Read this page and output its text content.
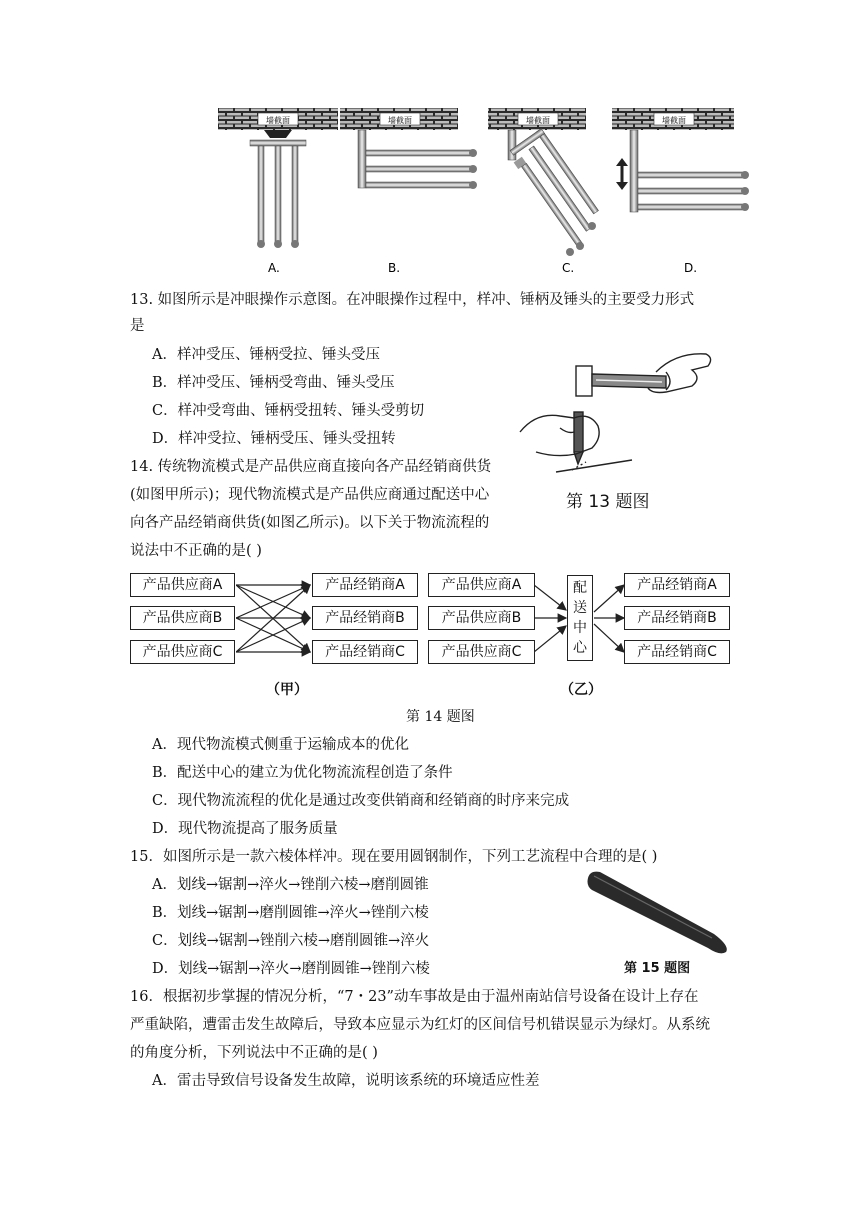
墙截面
A.
墙截面
B.
墙截面
C.
墙截面
D.
13. 如图所示是冲眼操作示意图。在冲眼操作过程中，样冲、锤柄及锤头的主要受力形式
是
A．样冲受压、锤柄受拉、锤头受压
B．样冲受压、锤柄受弯曲、锤头受压
C．样冲受弯曲、锤柄受扭转、锤头受剪切
D．样冲受拉、锤柄受压、锤头受扭转
第 13 题图
14. 传统物流模式是产品供应商直接向各产品经销商供货
(如图甲所示)；现代物流模式是产品供应商通过配送中心
向各产品经销商供货(如图乙所示)。以下关于物流流程的
说法中不正确的是( )
产品供应商A
产品供应商B
产品供应商C
产品经销商A
产品经销商B
产品经销商C
（甲）
产品供应商A
产品供应商B
产品供应商C
配
送
中
心
产品经销商A
产品经销商B
产品经销商C
（乙）
第 14 题图
A．现代物流模式侧重于运输成本的优化
B．配送中心的建立为优化物流流程创造了条件
C．现代物流流程的优化是通过改变供销商和经销商的时序来完成
D．现代物流提高了服务质量
15．如图所示是一款六棱体样冲。现在要用圆钢制作，下列工艺流程中合理的是( )
A．划线→锯割→淬火→锉削六棱→磨削圆锥
B．划线→锯割→磨削圆锥→淬火→锉削六棱
C．划线→锯割→锉削六棱→磨削圆锥→淬火
D．划线→锯割→淬火→磨削圆锥→锉削六棱	第 15 题图
16．根据初步掌握的情况分析，“7・23”动车事故是由于温州南站信号设备在设计上存在
严重缺陷，遭雷击发生故障后，导致本应显示为红灯的区间信号机错误显示为绿灯。从系统
的角度分析，下列说法中不正确的是( )
A．雷击导致信号设备发生故障，说明该系统的环境适应性差
